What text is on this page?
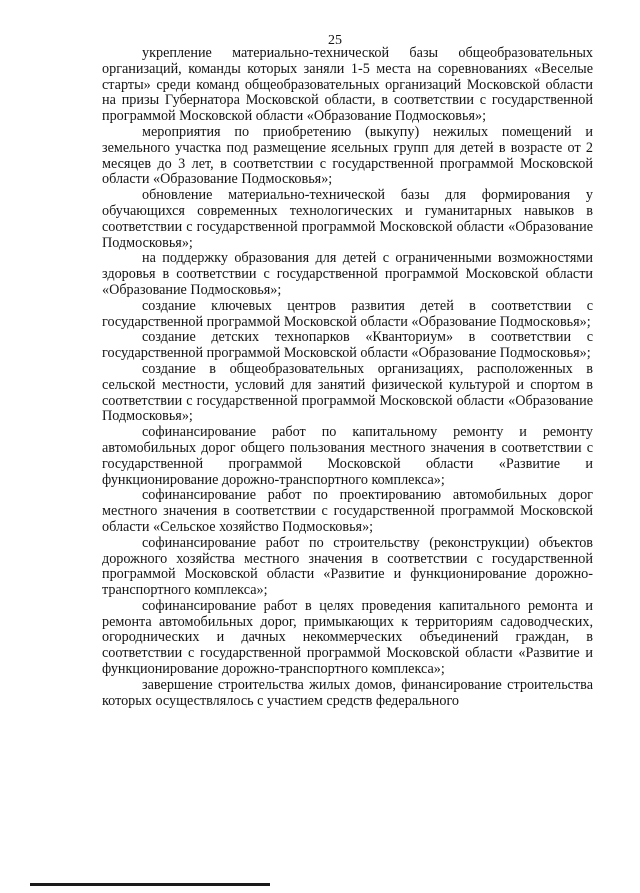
25

укрепление материально-технической базы общеобразовательных организаций, команды которых заняли 1-5 места на соревнованиях «Веселые старты» среди команд общеобразовательных организаций Московской области на призы Губернатора Московской области, в соответствии с государственной программой Московской области «Образование Подмосковья»;

мероприятия по приобретению (выкупу) нежилых помещений и земельного участка под размещение ясельных групп для детей в возрасте от 2 месяцев до 3 лет, в соответствии с государственной программой Московской области «Образование Подмосковья»;

обновление материально-технической базы для формирования у обучающихся современных технологических и гуманитарных навыков в соответствии с государственной программой Московской области «Образование Подмосковья»;

на поддержку образования для детей с ограниченными возможностями здоровья в соответствии с государственной программой Московской области «Образование Подмосковья»;

создание ключевых центров развития детей в соответствии с государственной программой Московской области «Образование Подмосковья»;

создание детских технопарков «Кванториум» в соответствии с государственной программой Московской области «Образование Подмосковья»;

создание в общеобразовательных организациях, расположенных в сельской местности, условий для занятий физической культурой и спортом в соответствии с государственной программой Московской области «Образование Подмосковья»;

софинансирование работ по капитальному ремонту и ремонту автомобильных дорог общего пользования местного значения в соответствии с государственной программой Московской области «Развитие и функционирование дорожно-транспортного комплекса»;

софинансирование работ по проектированию автомобильных дорог местного значения в соответствии с государственной программой Московской области «Сельское хозяйство Подмосковья»;

софинансирование работ по строительству (реконструкции) объектов дорожного хозяйства местного значения в соответствии с государственной программой Московской области «Развитие и функционирование дорожно-транспортного комплекса»;

софинансирование работ в целях проведения капитального ремонта и ремонта автомобильных дорог, примыкающих к территориям садоводческих, огороднических и дачных некоммерческих объединений граждан, в соответствии с государственной программой Московской области «Развитие и функционирование дорожно-транспортного комплекса»;

завершение строительства жилых домов, финансирование строительства которых осуществлялось с участием средств федерального
